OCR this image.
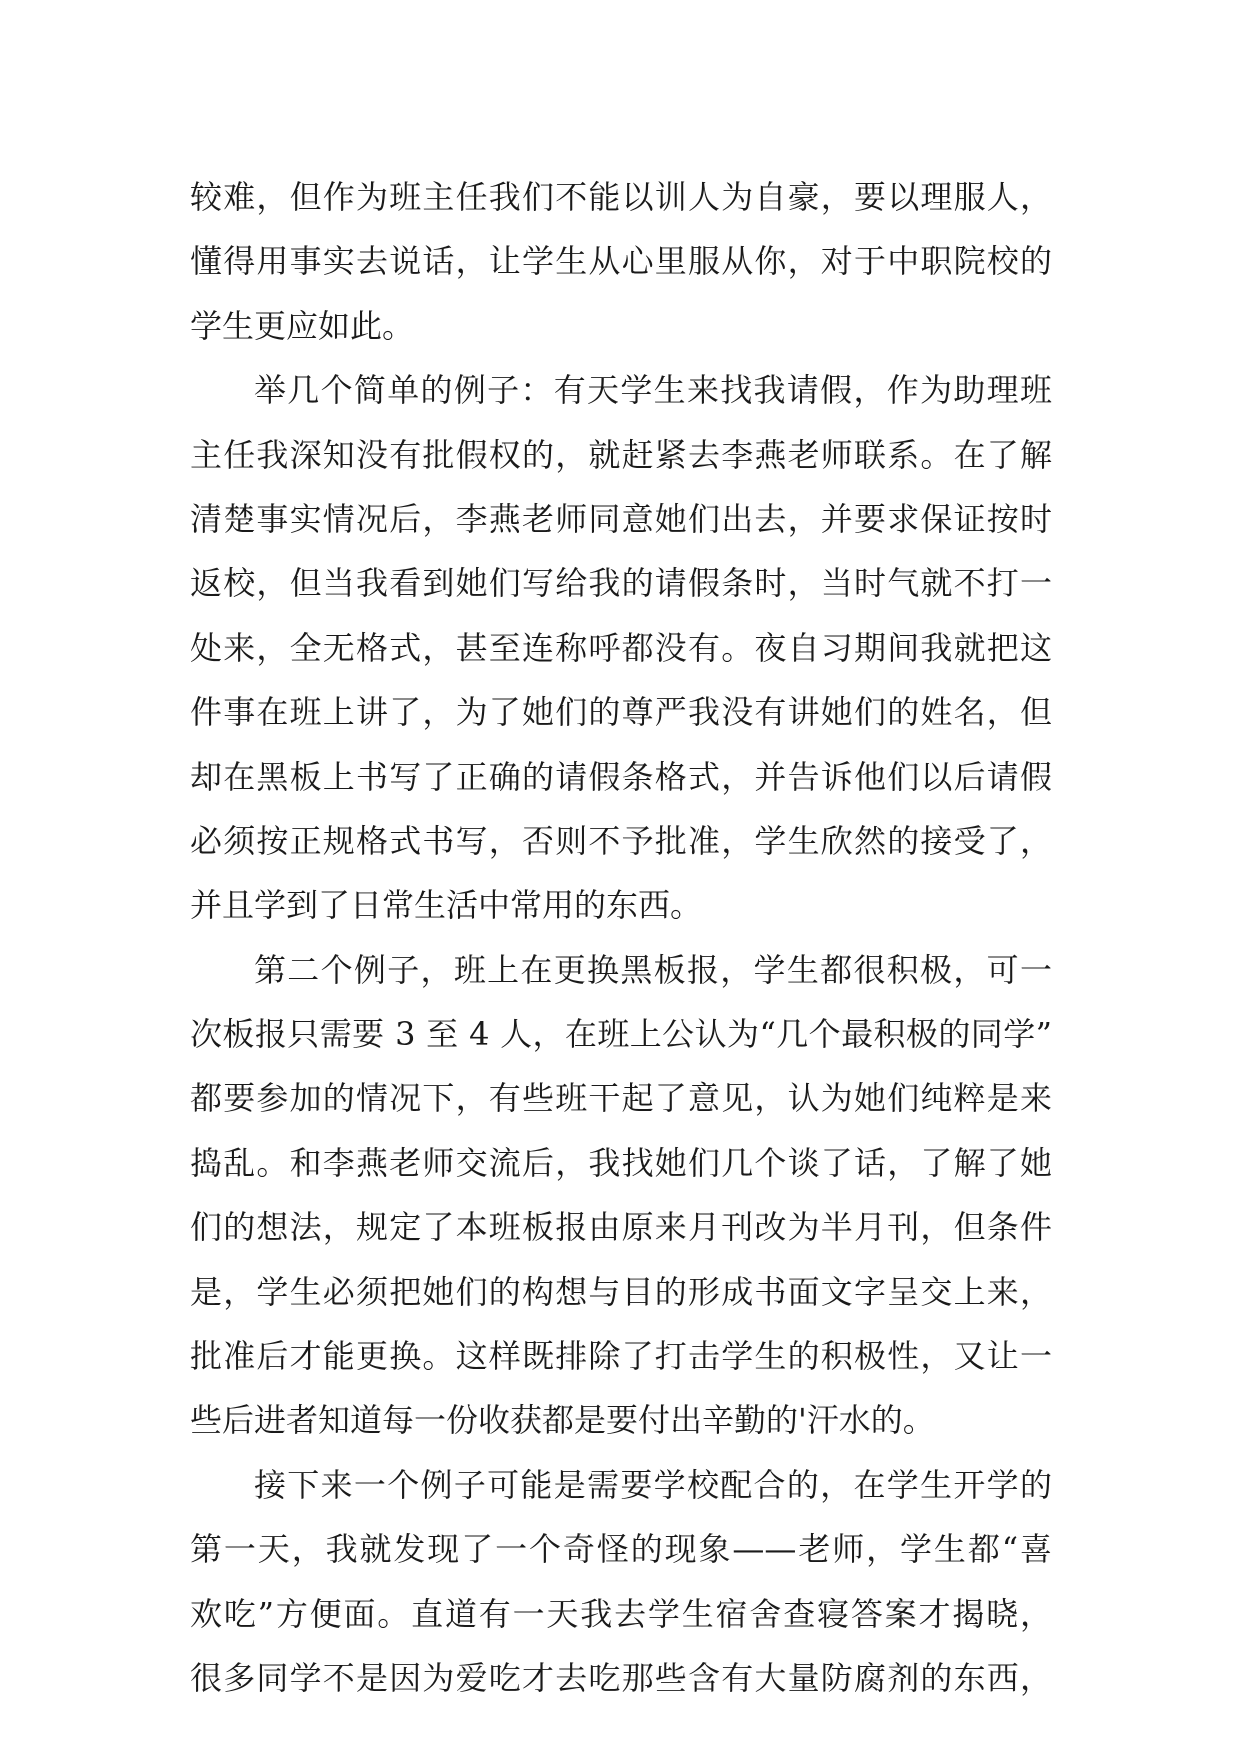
较难，但作为班主任我们不能以训人为自豪，要以理服人，
懂得用事实去说话，让学生从心里服从你，对于中职院校的
学生更应如此。
举几个简单的例子：有天学生来找我请假，作为助理班
主任我深知没有批假权的，就赶紧去李燕老师联系。在了解
清楚事实情况后，李燕老师同意她们出去，并要求保证按时
返校，但当我看到她们写给我的请假条时，当时气就不打一
处来，全无格式，甚至连称呼都没有。夜自习期间我就把这
件事在班上讲了，为了她们的尊严我没有讲她们的姓名，但
却在黑板上书写了正确的请假条格式，并告诉他们以后请假
必须按正规格式书写，否则不予批准，学生欣然的接受了，
并且学到了日常生活中常用的东西。
第二个例子，班上在更换黑板报，学生都很积极，可一
次板报只需要 3 至 4 人，在班上公认为“几个最积极的同学”
都要参加的情况下，有些班干起了意见，认为她们纯粹是来
捣乱。和李燕老师交流后，我找她们几个谈了话，了解了她
们的想法，规定了本班板报由原来月刊改为半月刊，但条件
是，学生必须把她们的构想与目的形成书面文字呈交上来，
批准后才能更换。这样既排除了打击学生的积极性，又让一
些后进者知道每一份收获都是要付出辛勤的'汗水的。
接下来一个例子可能是需要学校配合的，在学生开学的
第一天，我就发现了一个奇怪的现象——老师，学生都“喜
欢吃”方便面。直道有一天我去学生宿舍查寝答案才揭晓，
很多同学不是因为爱吃才去吃那些含有大量防腐剂的东西，
